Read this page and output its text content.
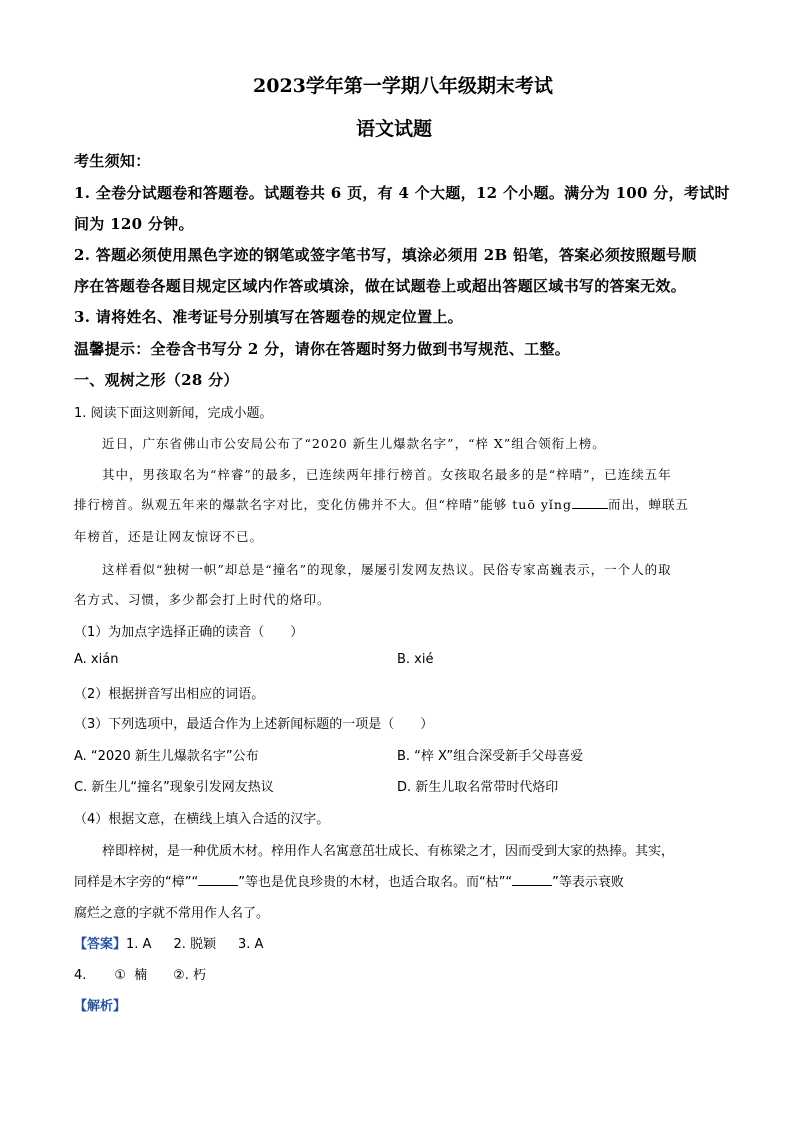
2023学年第一学期八年级期末考试
语文试题
考生须知：
1. 全卷分试题卷和答题卷。试题卷共 6 页，有 4 个大题，12 个小题。满分为 100 分，考试时
间为 120 分钟。
2. 答题必须使用黑色字迹的钢笔或签字笔书写，填涂必须用 2B 铅笔，答案必须按照题号顺
序在答题卷各题目规定区域内作答或填涂，做在试题卷上或超出答题区域书写的答案无效。
3. 请将姓名、准考证号分别填写在答题卷的规定位置上。
温馨提示：全卷含书写分 2 分，请你在答题时努力做到书写规范、工整。
一、观树之形（28 分）
1. 阅读下面这则新闻，完成小题。
近日，广东省佛山市公安局公布了“2020 新生儿爆款名字”，“梓 X”组合领衔上榜。
其中，男孩取名为“梓睿”的最多，已连续两年排行榜首。女孩取名最多的是“梓晴”，已连续五年
排行榜首。纵观五年来的爆款名字对比，变化仿佛并不大。但“梓晴”能够 tuō yǐng	而出，蝉联五
年榜首，还是让网友惊讶不已。
这样看似“独树一帜”却总是“撞名”的现象，屡屡引发网友热议。民俗专家高巍表示，一个人的取
名方式、习惯，多少都会打上时代的烙印。
（1）为加点字选择正确的读音（　　）
A. xián	B. xié
（2）根据拼音写出相应的词语。
（3）下列选项中，最适合作为上述新闻标题的一项是（　　）
A. “2020 新生儿爆款名字”公布	B. “梓 X”组合深受新手父母喜爱
C. 新生儿“撞名”现象引发网友热议	D. 新生儿取名常带时代烙印
（4）根据文意，在横线上填入合适的汉字。
梓即梓树，是一种优质木材。梓用作人名寓意茁壮成长、有栋梁之才，因而受到大家的热捧。其实，
同样是木字旁的“樟”“	”等也是优良珍贵的木材，也适合取名。而“枯”“	”等表示衰败
腐烂之意的字就不常用作人名了。
【答案】1. A 2. 脱颖 3. A
4. ① 楠 ②. 朽
【解析】
